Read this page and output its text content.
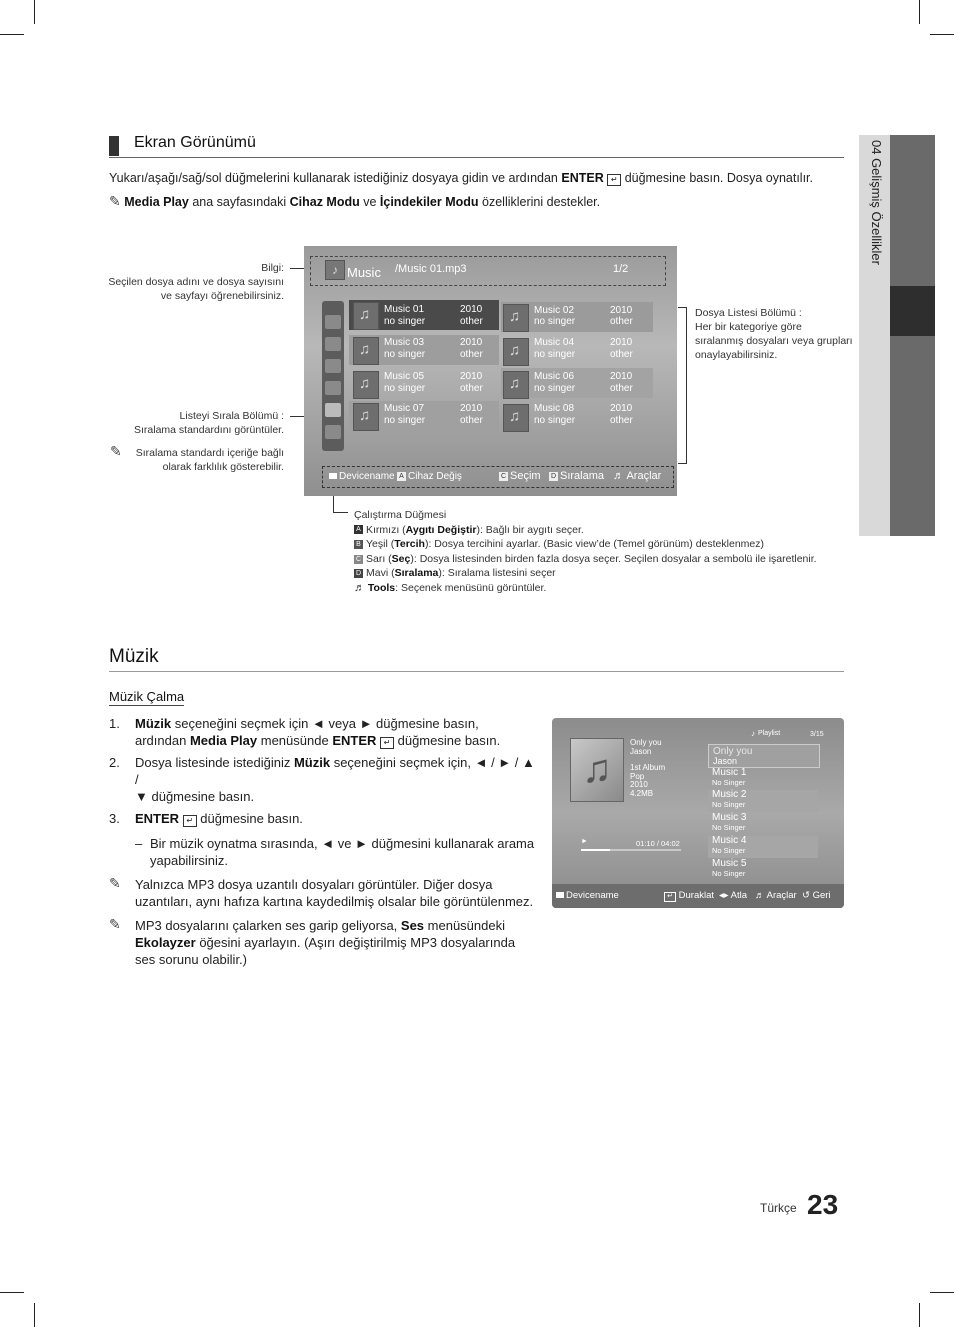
04 Gelişmiş Özellikler
Ekran Görünümü
Yukarı/aşağı/sağ/sol düğmelerini kullanarak istediğiniz dosyaya gidin ve ardından ENTER ↵ düğmesine basın. Dosya oynatılır.
✎ Media Play ana sayfasındaki Cihaz Modu ve İçindekiler Modu özelliklerini destekler.
Bilgi:
Seçilen dosya adını ve dosya sayısını
ve sayfayı öğrenebilirsiniz.
Listeyi Sırala Bölümü :
Sıralama standardını görüntüler.
✎	Sıralama standardı içeriğe bağlı
olarak farklılık gösterebilir.
Dosya Listesi Bölümü :
Her bir kategoriye göre
sıralanmış dosyaları veya grupları
onaylayabilirsiniz.
♪ Music /Music 01.mp3	1/2
♫
Music 01
no singer
2010
other
♫
Music 02
no singer
2010
other
♫
Music 03
no singer
2010
other
♫
Music 04
no singer
2010
other
♫
Music 05
no singer
2010
other
♫
Music 06
no singer
2010
other
♫
Music 07
no singer
2010
other
♫
Music 08
no singer
2010
other
Devicename A Cihaz Değiş	C Seçim D Sıralama ♬ Araçlar
Çalıştırma Düğmesi
A Kırmızı (Aygıtı Değiştir): Bağlı bir aygıtı seçer.
B Yeşil (Tercih): Dosya tercihini ayarlar. (Basic view’de (Temel görünüm) desteklenmez)
C Sarı (Seç): Dosya listesinden birden fazla dosya seçer. Seçilen dosyalar a sembolü ile işaretlenir.
D Mavi (Sıralama): Sıralama listesini seçer
♬ Tools: Seçenek menüsünü görüntüler.
Müzik
Müzik Çalma
1. Müzik seçeneğini seçmek için ◄ veya ► düğmesine basın,
ardından Media Play menüsünde ENTER ↵ düğmesine basın.
2. Dosya listesinde istediğiniz Müzik seçeneğini seçmek için, ◄ / ► / ▲ /
▼ düğmesine basın.
3. ENTER ↵ düğmesine basın.
– Bir müzik oynatma sırasında, ◄ ve ► düğmesini kullanarak arama
yapabilirsiniz.
✎ Yalnızca MP3 dosya uzantılı dosyaları görüntüler. Diğer dosya
uzantıları, aynı hafıza kartına kaydedilmiş olsalar bile görüntülenmez.
✎ MP3 dosyalarını çalarken ses garip geliyorsa, Ses menüsündeki
Ekolayzer öğesini ayarlayın. (Aşırı değiştirilmiş MP3 dosyalarında
ses sorunu olabilir.)
♫
Only you
Jason
1st Album
Pop
2010
4.2MB
►	01:10 / 04:02
♪ Playlist	3/15
Only you
Jason
Music 1
No Singer
Music 2
No Singer
Music 3
No Singer
Music 4
No Singer
Music 5
No Singer
Devicename	↵ Duraklat ◂▸ Atla ♬ Araçlar ↺ Geri
Türkçe 23
